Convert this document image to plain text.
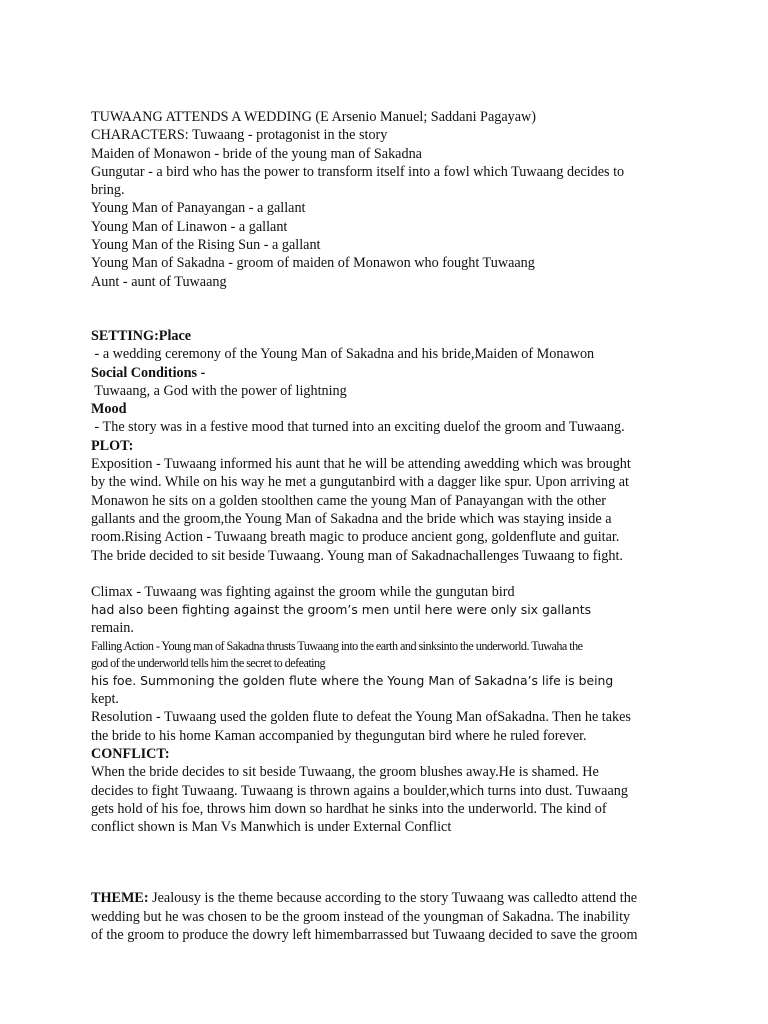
TUWAANG ATTENDS A WEDDING (E Arsenio Manuel; Saddani Pagayaw)
CHARACTERS: Tuwaang - protagonist in the story
Maiden of Monawon - bride of the young man of Sakadna
Gungutar - a bird who has the power to transform itself into a fowl which Tuwaang decides to
bring.
Young Man of Panayangan - a gallant
Young Man of Linawon - a gallant
Young Man of the Rising Sun - a gallant
Young Man of Sakadna - groom of maiden of Monawon who fought Tuwaang
Aunt - aunt of Tuwaang
SETTING:Place
- a wedding ceremony of the Young Man of Sakadna and his bride,Maiden of Monawon
Social Conditions -
Tuwaang, a God with the power of lightning
Mood
- The story was in a festive mood that turned into an exciting duelof the groom and Tuwaang.
PLOT:
Exposition - Tuwaang informed his aunt that he will be attending awedding which was brought
by the wind. While on his way he met a gungutanbird with a dagger like spur. Upon arriving at
Monawon he sits on a golden stoolthen came the young Man of Panayangan with the other
gallants and the groom,the Young Man of Sakadna and the bride which was staying inside a
room.Rising Action - Tuwaang breath magic to produce ancient gong, goldenflute and guitar.
The bride decided to sit beside Tuwaang. Young man of Sakadnachallenges Tuwaang to fight.
Climax - Tuwaang was fighting against the groom while the gungutan bird
had also been fighting against the groom’s men until here were only six gallants
remain.
Falling Action - Young man of Sakadna thrusts Tuwaang into the earth and sinksinto the underworld. Tuwaha the
god of the underworld tells him the secret to defeating
his foe. Summoning the golden flute where the Young Man of Sakadna’s life is being
kept.
Resolution - Tuwaang used the golden flute to defeat the Young Man ofSakadna. Then he takes
the bride to his home Kaman accompanied by thegungutan bird where he ruled forever.
CONFLICT:
When the bride decides to sit beside Tuwaang, the groom blushes away.He is shamed. He
decides to fight Tuwaang. Tuwaang is thrown agains a boulder,which turns into dust. Tuwaang
gets hold of his foe, throws him down so hardhat he sinks into the underworld. The kind of
conflict shown is Man Vs Manwhich is under External Conflict
THEME: Jealousy is the theme because according to the story Tuwaang was calledto attend the
wedding but he was chosen to be the groom instead of the youngman of Sakadna. The inability
of the groom to produce the dowry left himembarrassed but Tuwaang decided to save the groom
